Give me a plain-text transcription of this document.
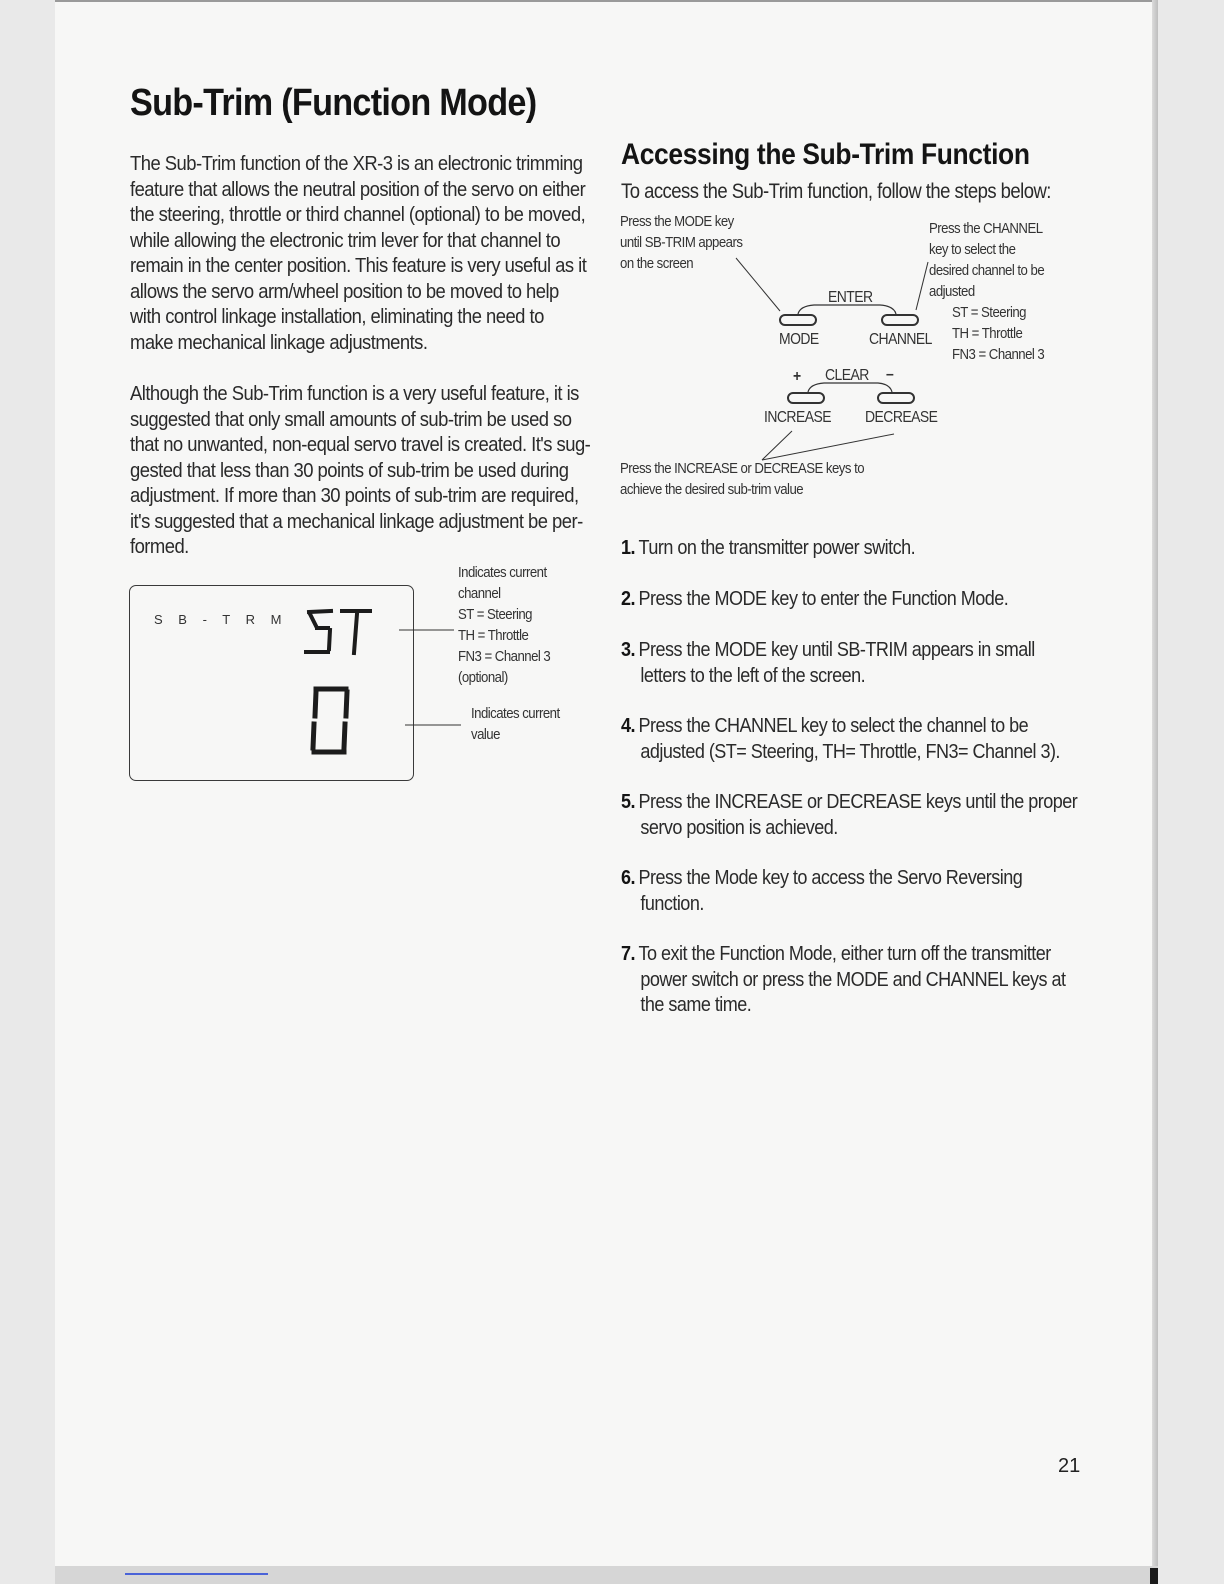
Sub-Trim (Function Mode)

The Sub-Trim function of the XR-3 is an electronic trimming
feature that allows the neutral position of the servo on either
the steering, throttle or third channel (optional) to be moved,
while allowing the electronic trim lever for that channel to
remain in the center position. This feature is very useful as it
allows the servo arm/wheel position to be moved to help
with control linkage installation, eliminating the need to
make mechanical linkage adjustments.

Although the Sub-Trim function is a very useful feature, it is
suggested that only small amounts of sub-trim be used so
that no unwanted, non-equal servo travel is created. It's sug-
gested that less than 30 points of sub-trim be used during
adjustment. If more than 30 points of sub-trim are required,
it's suggested that a mechanical linkage adjustment be per-
formed.

S B - T R M
Indicates current
channel
ST = Steering
TH = Throttle
FN3 = Channel 3
(optional)
Indicates current
value
Accessing the Sub-Trim Function

To access the Sub-Trim function, follow the steps below:

Press the MODE key
until SB-TRIM appears
on the screen
Press the CHANNEL
key to select the
desired channel to be
adjusted
ST = Steering
TH = Throttle
FN3 = Channel 3
ENTER
MODE	CHANNEL
+ CLEAR –
INCREASE DECREASE
Press the INCREASE or DECREASE keys to
achieve the desired sub-trim value
1. Turn on the transmitter power switch.
2. Press the MODE key to enter the Function Mode.
3. Press the MODE key until SB-TRIM appears in small
letters to the left of the screen.
4. Press the CHANNEL key to select the channel to be
adjusted (ST= Steering, TH= Throttle, FN3= Channel 3).
5. Press the INCREASE or DECREASE keys until the proper
servo position is achieved.
6. Press the Mode key to access the Servo Reversing
function.
7. To exit the Function Mode, either turn off the transmitter
power switch or press the MODE and CHANNEL keys at
the same time.
21
